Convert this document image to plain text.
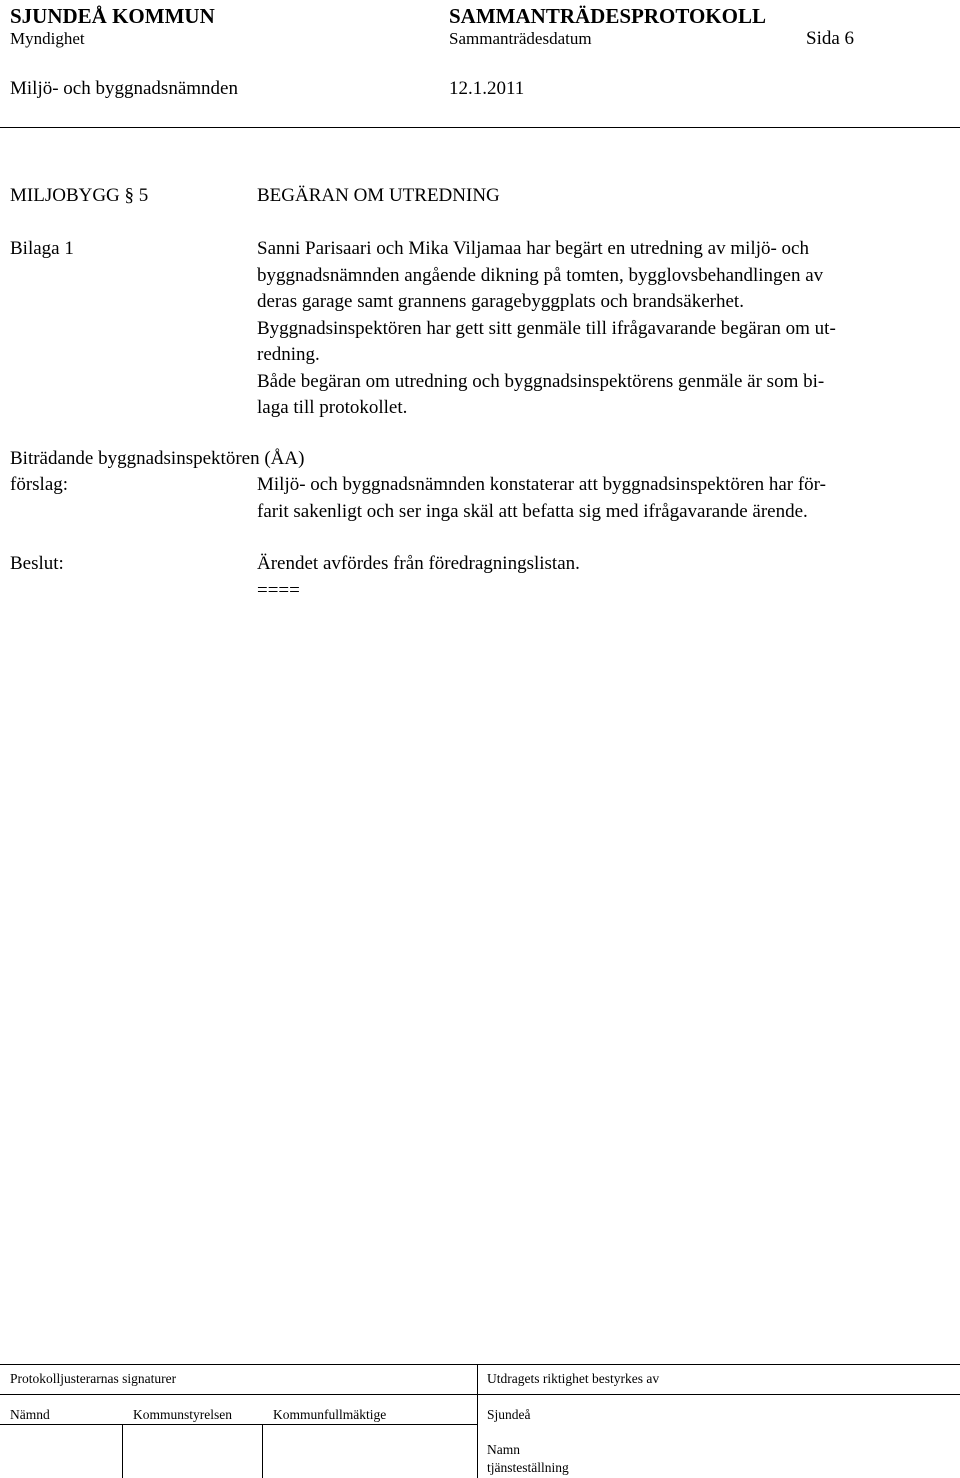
SJUNDEÅ KOMMUN	SAMMANTRÄDESPROTOKOLL
Myndighet	Sammanträdesdatum	Sida 6
Miljö- och byggnadsnämnden	12.1.2011
MILJOBYGG § 5	BEGÄRAN OM UTREDNING
Bilaga 1	Sanni Parisaari och Mika Viljamaa har begärt en utredning av miljö- och
byggnadsnämnden angående dikning på tomten, bygglovsbehandlingen av
deras garage samt grannens garagebyggplats och brandsäkerhet.
Byggnadsinspektören har gett sitt genmäle till ifrågavarande begäran om ut-
redning.
Både begäran om utredning och byggnadsinspektörens genmäle är som bi-
laga till protokollet.
Biträdande byggnadsinspektören (ÅA)
förslag:	Miljö- och byggnadsnämnden konstaterar att byggnadsinspektören har för-
farit sakenligt och ser inga skäl att befatta sig med ifrågavarande ärende.
Beslut:	Ärendet avfördes från föredragningslistan.
====
Protokolljusterarnas signaturer	Utdragets riktighet bestyrkes av
Nämnd	Kommunstyrelsen	Kommunfullmäktige	Sjundeå
Namn
tjänsteställning
